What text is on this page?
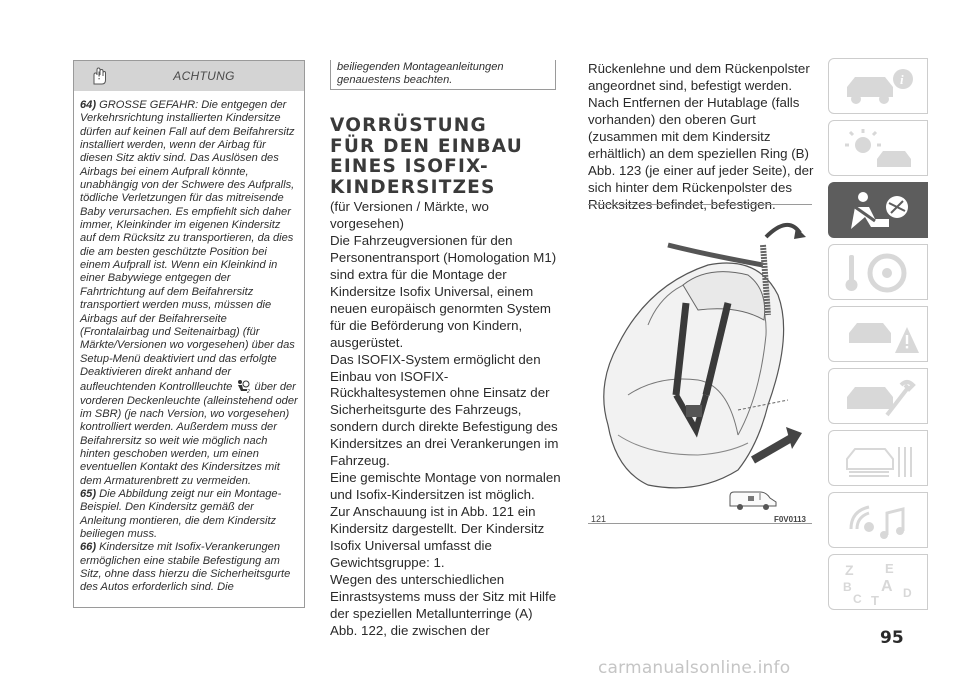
ACHTUNG

64) GROSSE GEFAHR: Die entgegen der Verkehrsrichtung installierten Kindersitze dürfen auf keinen Fall auf dem Beifahrersitz installiert werden, wenn der Airbag für diesen Sitz aktiv sind. Das Auslösen des Airbags bei einem Aufprall könnte, unabhängig von der Schwere des Aufpralls, tödliche Verletzungen für das mitreisende Baby verursachen. Es empfiehlt sich daher immer, Kleinkinder im eigenen Kindersitz auf dem Rücksitz zu transportieren, da dies die am besten geschützte Position bei einem Aufprall ist. Wenn ein Kleinkind in einer Babywiege entgegen der Fahrtrichtung auf dem Beifahrersitz transportiert werden muss, müssen die Airbags auf der Beifahrerseite (Frontalairbag und Seitenairbag) (für Märkte/Versionen wo vorgesehen) über das Setup-Menü deaktiviert und das erfolgte Deaktivieren direkt anhand der aufleuchtenden Kontrollleuchte	2 über der vorderen Deckenleuchte (alleinstehend oder im SBR) (je nach Version, wo vorgesehen) kontrolliert werden. Außerdem muss der Beifahrersitz so weit wie möglich nach hinten geschoben werden, um einen eventuellen Kontakt des Kindersitzes mit dem Armaturenbrett zu vermeiden.

65) Die Abbildung zeigt nur ein Montage-Beispiel. Den Kindersitz gemäß der Anleitung montieren, die dem Kindersitz beiliegen muss.

66) Kindersitze mit Isofix-Verankerungen ermöglichen eine stabile Befestigung am Sitz, ohne dass hierzu die Sicherheitsgurte des Autos erforderlich sind. Die

beiliegenden Montageanleitungen genauestens beachten.
VORRÜSTUNG
FÜR DEN EINBAU
EINES ISOFIX-
KINDERSITZES

(für Versionen / Märkte, wo vorgesehen)

Die Fahrzeugversionen für den Personentransport (Homologation M1) sind extra für die Montage der Kindersitze Isofix Universal, einem neuen europäisch genormten System für die Beförderung von Kindern, ausgerüstet.

Das ISOFIX-System ermöglicht den Einbau von ISOFIX-Rückhaltesystemen ohne Einsatz der Sicherheitsgurte des Fahrzeugs, sondern durch direkte Befestigung des Kindersitzes an drei Verankerungen im Fahrzeug.

Eine gemischte Montage von normalen und Isofix-Kindersitzen ist möglich.

Zur Anschauung ist in Abb. 121 ein Kindersitz dargestellt. Der Kindersitz Isofix Universal umfasst die Gewichtsgruppe: 1.

Wegen des unterschiedlichen Einrastsystems muss der Sitz mit Hilfe der speziellen Metallunterringe (A) Abb. 122, die zwischen der

Rückenlehne und dem Rückenpolster angeordnet sind, befestigt werden. Nach Entfernen der Hutablage (falls vorhanden) den oberen Gurt (zusammen mit dem Kindersitz erhältlich) an dem speziellen Ring (B) Abb. 123 (je einer auf jeder Seite), der sich hinter dem Rückenpolster des Rücksitzes befindet, befestigen.

121	F0V0113
95
carmanualsonline.info
i
Z E
B A
C T D
